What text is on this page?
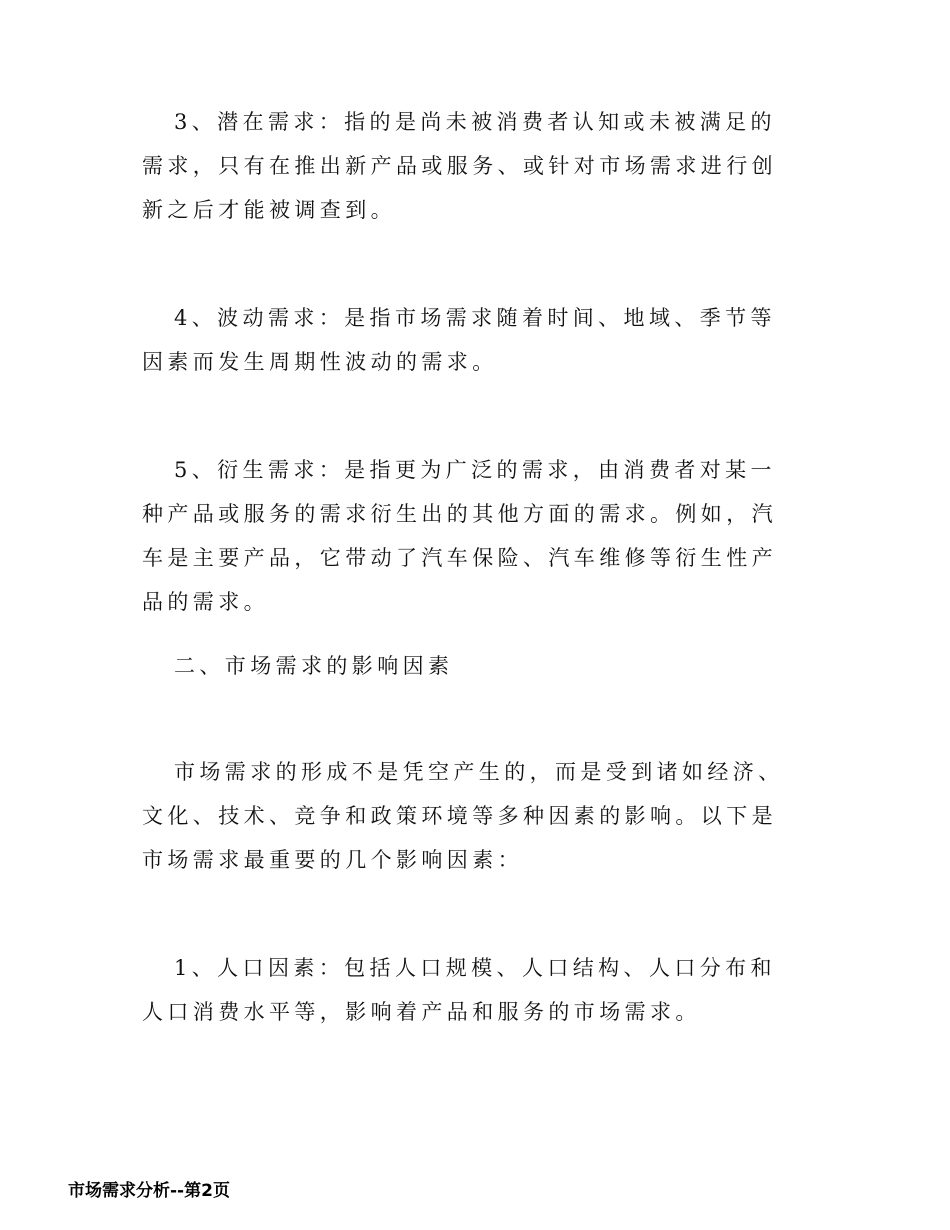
3、潜在需求：指的是尚未被消费者认知或未被满足的需求，只有在推出新产品或服务、或针对市场需求进行创新之后才能被调查到。

4、波动需求：是指市场需求随着时间、地域、季节等因素而发生周期性波动的需求。

5、衍生需求：是指更为广泛的需求，由消费者对某一种产品或服务的需求衍生出的其他方面的需求。例如，汽车是主要产品，它带动了汽车保险、汽车维修等衍生性产品的需求。

二、市场需求的影响因素

市场需求的形成不是凭空产生的，而是受到诸如经济、文化、技术、竞争和政策环境等多种因素的影响。以下是市场需求最重要的几个影响因素：

1、人口因素：包括人口规模、人口结构、人口分布和人口消费水平等，影响着产品和服务的市场需求。

市场需求分析--第2页
